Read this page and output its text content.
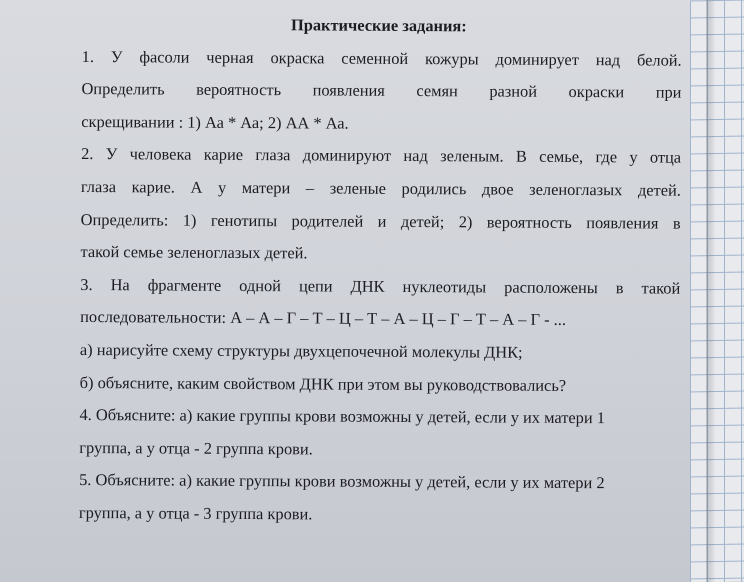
Практические задания:
1. У фасоли черная окраска семенной кожуры доминирует над белой.
Определить вероятность появления семян разной окраски при
скрещивании : 1) Аа * Аа; 2) АА * Аа.
2. У человека карие глаза доминируют над зеленым. В семье, где у отца
глаза карие. А у матери – зеленые родились двое зеленоглазых детей.
Определить: 1) генотипы родителей и детей; 2) вероятность появления в
такой семье зеленоглазых детей.
3. На фрагменте одной цепи ДНК нуклеотиды расположены в такой
последовательности: А – А – Г – Т – Ц – Т – А – Ц – Г – Т – А – Г - ...
а) нарисуйте схему структуры двухцепочечной молекулы ДНК;
б) объясните, каким свойством ДНК при этом вы руководствовались?
4. Объясните: а) какие группы крови возможны у детей, если у их матери 1
группа, а у отца - 2 группа крови.
5. Объясните: а) какие группы крови возможны у детей, если у их матери 2
группа, а у отца - 3 группа крови.
